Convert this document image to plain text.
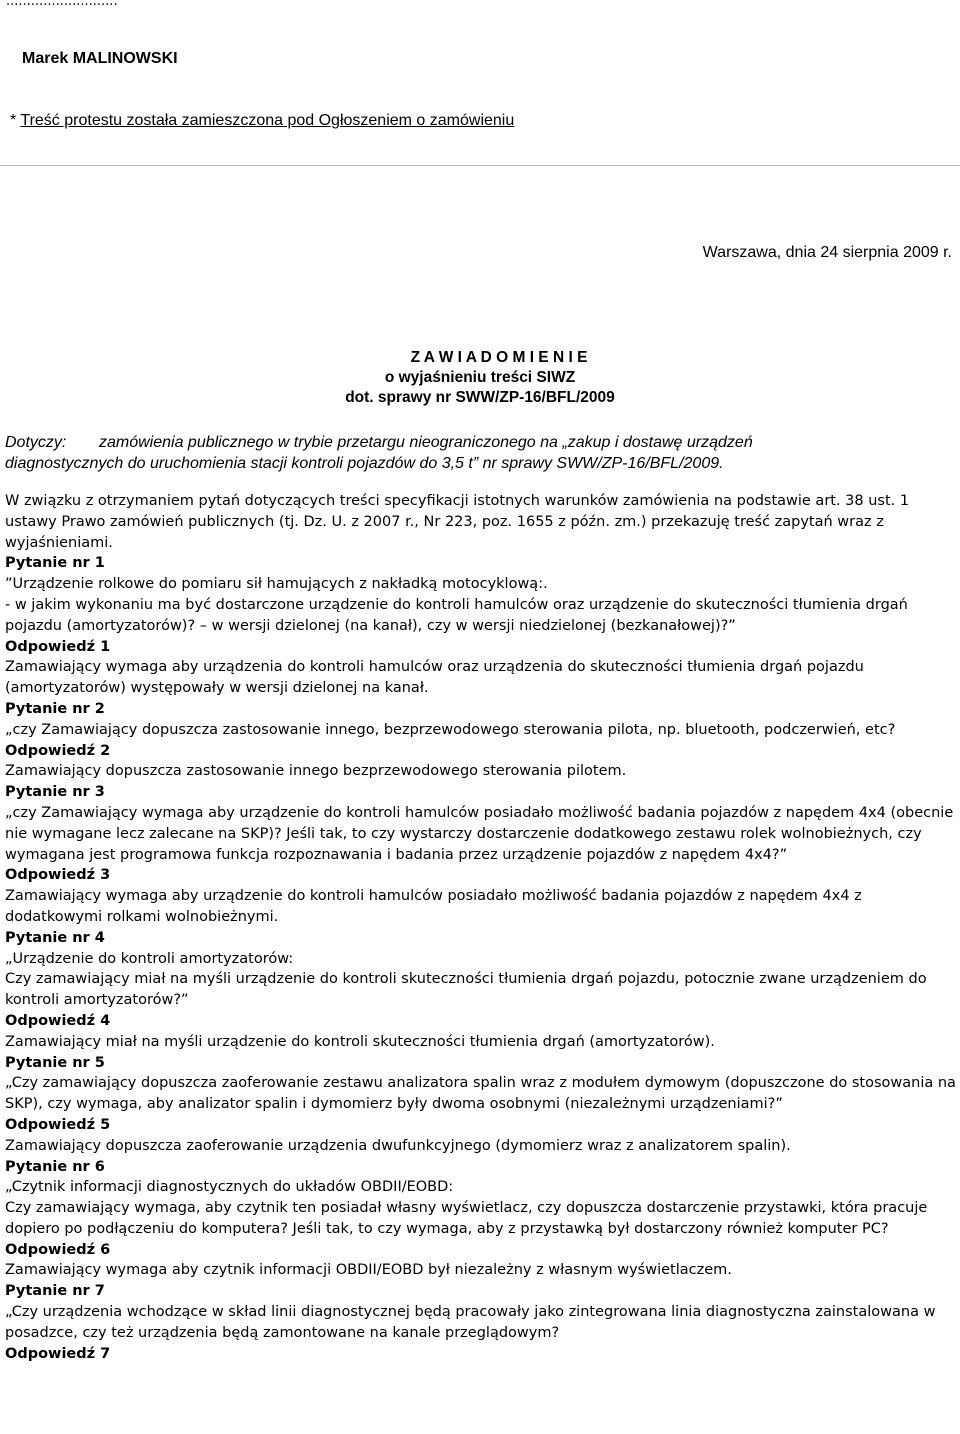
...........................
Marek MALINOWSKI
* Treść protestu została zamieszczona pod Ogłoszeniem o zamówieniu
Warszawa, dnia 24 sierpnia 2009 r.
Z A W I A D O M I E N I E
o wyjaśnieniu treści SIWZ
dot. sprawy nr SWW/ZP-16/BFL/2009
Dotyczy: zamówienia publicznego w trybie przetargu nieograniczonego na „zakup i dostawę urządzeń
diagnostycznych do uruchomienia stacji kontroli pojazdów do 3,5 t” nr sprawy SWW/ZP-16/BFL/2009.

W związku z otrzymaniem pytań dotyczących treści specyfikacji istotnych warunków zamówienia na podstawie art. 38 ust. 1 ustawy Prawo zamówień publicznych (tj. Dz. U. z 2007 r., Nr 223, poz. 1655 z późn. zm.) przekazuję treść zapytań wraz z wyjaśnieniami.

Pytanie nr 1

”Urządzenie rolkowe do pomiaru sił hamujących z nakładką motocyklową:.

- w jakim wykonaniu ma być dostarczone urządzenie do kontroli hamulców oraz urządzenie do skuteczności tłumienia drgań pojazdu (amortyzatorów)? – w wersji dzielonej (na kanał), czy w wersji niedzielonej (bezkanałowej)?”

Odpowiedź 1

Zamawiający wymaga aby urządzenia do kontroli hamulców oraz urządzenia do skuteczności tłumienia drgań pojazdu (amortyzatorów) występowały w wersji dzielonej na kanał.

Pytanie nr 2

„czy Zamawiający dopuszcza zastosowanie innego, bezprzewodowego sterowania pilota, np. bluetooth, podczerwień, etc?

Odpowiedź 2

Zamawiający dopuszcza zastosowanie innego bezprzewodowego sterowania pilotem.

Pytanie nr 3

„czy Zamawiający wymaga aby urządzenie do kontroli hamulców posiadało możliwość badania pojazdów z napędem 4x4 (obecnie nie wymagane lecz zalecane na SKP)? Jeśli tak, to czy wystarczy dostarczenie dodatkowego zestawu rolek wolnobieżnych, czy wymagana jest programowa funkcja rozpoznawania i badania przez urządzenie pojazdów z napędem 4x4?”

Odpowiedź 3

Zamawiający wymaga aby urządzenie do kontroli hamulców posiadało możliwość badania pojazdów z napędem 4x4 z dodatkowymi rolkami wolnobieżnymi.

Pytanie nr 4

„Urządzenie do kontroli amortyzatorów:

Czy zamawiający miał na myśli urządzenie do kontroli skuteczności tłumienia drgań pojazdu, potocznie zwane urządzeniem do kontroli amortyzatorów?”

Odpowiedź 4

Zamawiający miał na myśli urządzenie do kontroli skuteczności tłumienia drgań (amortyzatorów).

Pytanie nr 5

„Czy zamawiający dopuszcza zaoferowanie zestawu analizatora spalin wraz z modułem dymowym (dopuszczone do stosowania na SKP), czy wymaga, aby analizator spalin i dymomierz były dwoma osobnymi (niezależnymi urządzeniami?”

Odpowiedź 5

Zamawiający dopuszcza zaoferowanie urządzenia dwufunkcyjnego (dymomierz wraz z analizatorem spalin).

Pytanie nr 6

„Czytnik informacji diagnostycznych do układów OBDII/EOBD:

Czy zamawiający wymaga, aby czytnik ten posiadał własny wyświetlacz, czy dopuszcza dostarczenie przystawki, która pracuje dopiero po podłączeniu do komputera? Jeśli tak, to czy wymaga, aby z przystawką był dostarczony również komputer PC?

Odpowiedź 6

Zamawiający wymaga aby czytnik informacji OBDII/EOBD był niezależny z własnym wyświetlaczem.

Pytanie nr 7

„Czy urządzenia wchodzące w skład linii diagnostycznej będą pracowały jako zintegrowana linia diagnostyczna zainstalowana w posadzce, czy też urządzenia będą zamontowane na kanale przeglądowym?

Odpowiedź 7
